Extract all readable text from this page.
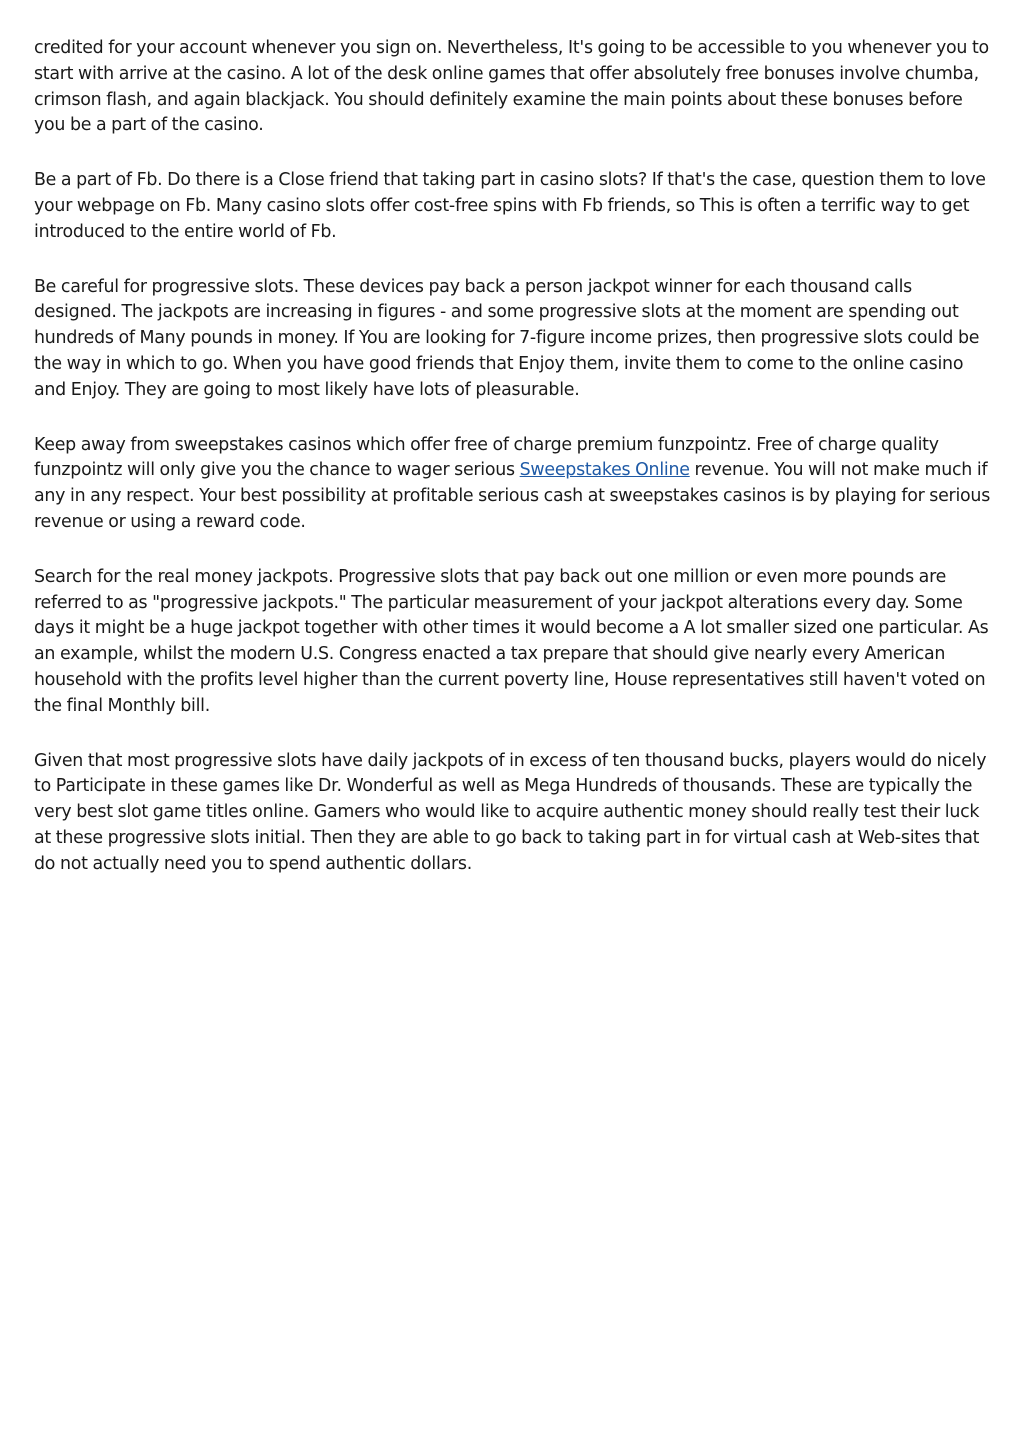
credited for your account whenever you sign on. Nevertheless, It's going to be accessible to you whenever you to start with arrive at the casino. A lot of the desk online games that offer absolutely free bonuses involve chumba, crimson flash, and again blackjack. You should definitely examine the main points about these bonuses before you be a part of the casino.

Be a part of Fb. Do there is a Close friend that taking part in casino slots? If that's the case, question them to love your webpage on Fb. Many casino slots offer cost-free spins with Fb friends, so This is often a terrific way to get introduced to the entire world of Fb.

Be careful for progressive slots. These devices pay back a person jackpot winner for each thousand calls designed. The jackpots are increasing in figures - and some progressive slots at the moment are spending out hundreds of Many pounds in money. If You are looking for 7-figure income prizes, then progressive slots could be the way in which to go. When you have good friends that Enjoy them, invite them to come to the online casino and Enjoy. They are going to most likely have lots of pleasurable.

Keep away from sweepstakes casinos which offer free of charge premium funzpointz. Free of charge quality funzpointz will only give you the chance to wager serious Sweepstakes Online revenue. You will not make much if any in any respect. Your best possibility at profitable serious cash at sweepstakes casinos is by playing for serious revenue or using a reward code.

Search for the real money jackpots. Progressive slots that pay back out one million or even more pounds are referred to as "progressive jackpots." The particular measurement of your jackpot alterations every day. Some days it might be a huge jackpot together with other times it would become a A lot smaller sized one particular. As an example, whilst the modern U.S. Congress enacted a tax prepare that should give nearly every American household with the profits level higher than the current poverty line, House representatives still haven't voted on the final Monthly bill.

Given that most progressive slots have daily jackpots of in excess of ten thousand bucks, players would do nicely to Participate in these games like Dr. Wonderful as well as Mega Hundreds of thousands. These are typically the very best slot game titles online. Gamers who would like to acquire authentic money should really test their luck at these progressive slots initial. Then they are able to go back to taking part in for virtual cash at Web-sites that do not actually need you to spend authentic dollars.
